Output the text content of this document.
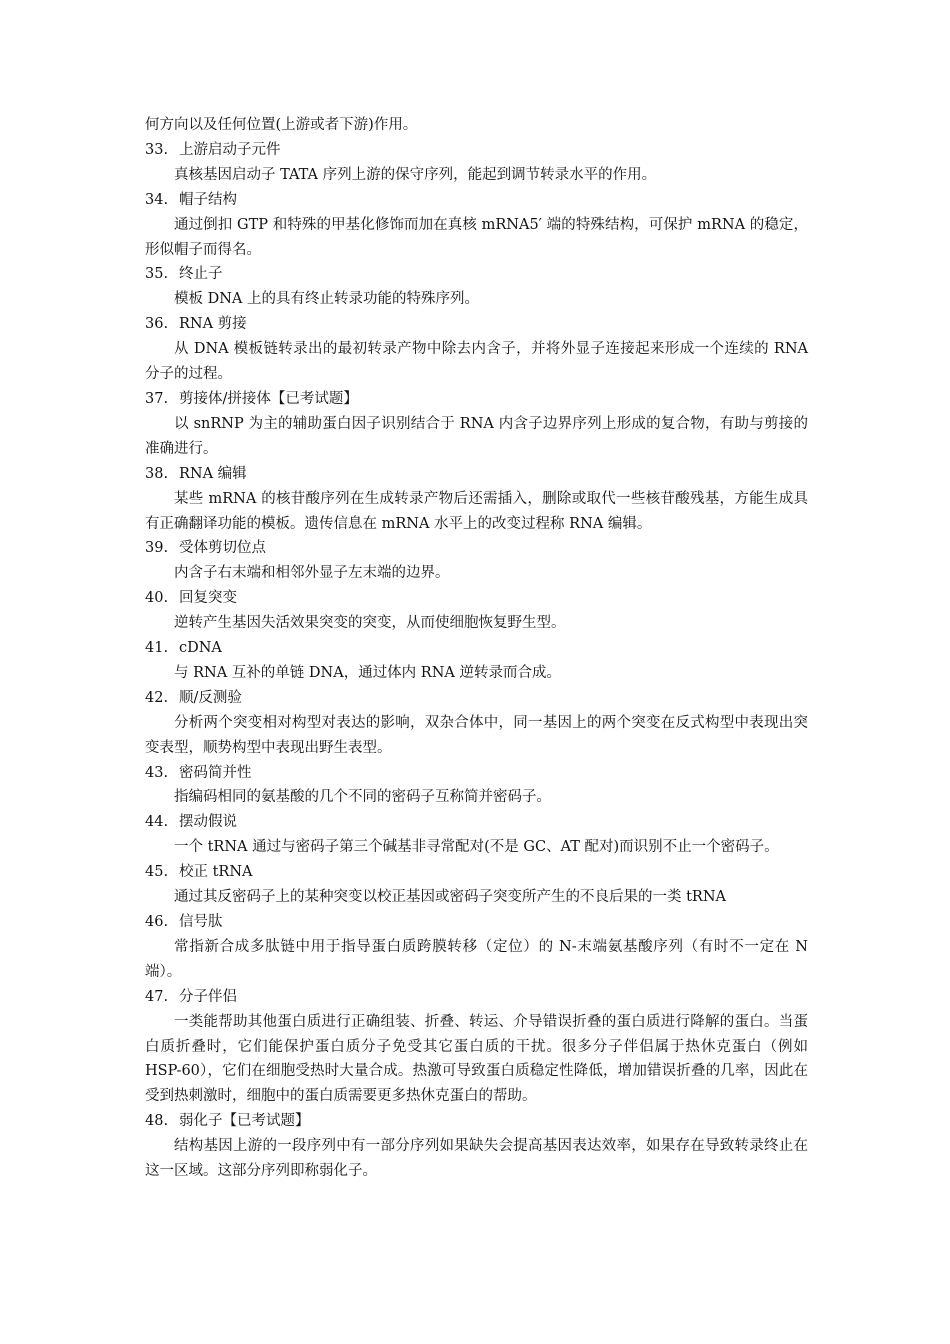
何方向以及任何位置(上游或者下游)作用。
33. 上游启动子元件
真核基因启动子 TATA 序列上游的保守序列，能起到调节转录水平的作用。
34. 帽子结构
通过倒扣 GTP 和特殊的甲基化修饰而加在真核 mRNA5′ 端的特殊结构，可保护 mRNA 的稳定，形似帽子而得名。
35. 终止子
模板 DNA 上的具有终止转录功能的特殊序列。
36. RNA 剪接
从 DNA 模板链转录出的最初转录产物中除去内含子，并将外显子连接起来形成一个连续的 RNA 分子的过程。
37. 剪接体/拼接体【已考试题】
以 snRNP 为主的辅助蛋白因子识别结合于 RNA 内含子边界序列上形成的复合物，有助与剪接的准确进行。
38. RNA 编辑
某些 mRNA 的核苷酸序列在生成转录产物后还需插入，删除或取代一些核苷酸残基，方能生成具有正确翻译功能的模板。遗传信息在 mRNA 水平上的改变过程称 RNA 编辑。
39. 受体剪切位点
内含子右末端和相邻外显子左末端的边界。
40. 回复突变
逆转产生基因失活效果突变的突变，从而使细胞恢复野生型。
41. cDNA
与 RNA 互补的单链 DNA，通过体内 RNA 逆转录而合成。
42. 顺/反测验
分析两个突变相对构型对表达的影响，双杂合体中，同一基因上的两个突变在反式构型中表现出突变表型，顺势构型中表现出野生表型。
43. 密码简并性
指编码相同的氨基酸的几个不同的密码子互称简并密码子。
44. 摆动假说
一个 tRNA 通过与密码子第三个碱基非寻常配对(不是 GC、AT 配对)而识别不止一个密码子。
45. 校正 tRNA
通过其反密码子上的某种突变以校正基因或密码子突变所产生的不良后果的一类 tRNA
46. 信号肽
常指新合成多肽链中用于指导蛋白质跨膜转移（定位）的 N-末端氨基酸序列（有时不一定在 N 端）。
47. 分子伴侣
一类能帮助其他蛋白质进行正确组装、折叠、转运、介导错误折叠的蛋白质进行降解的蛋白。当蛋白质折叠时，它们能保护蛋白质分子免受其它蛋白质的干扰。很多分子伴侣属于热休克蛋白（例如 HSP-60），它们在细胞受热时大量合成。热激可导致蛋白质稳定性降低，增加错误折叠的几率，因此在受到热刺激时，细胞中的蛋白质需要更多热休克蛋白的帮助。
48. 弱化子【已考试题】
结构基因上游的一段序列中有一部分序列如果缺失会提高基因表达效率，如果存在导致转录终止在这一区域。这部分序列即称弱化子。
